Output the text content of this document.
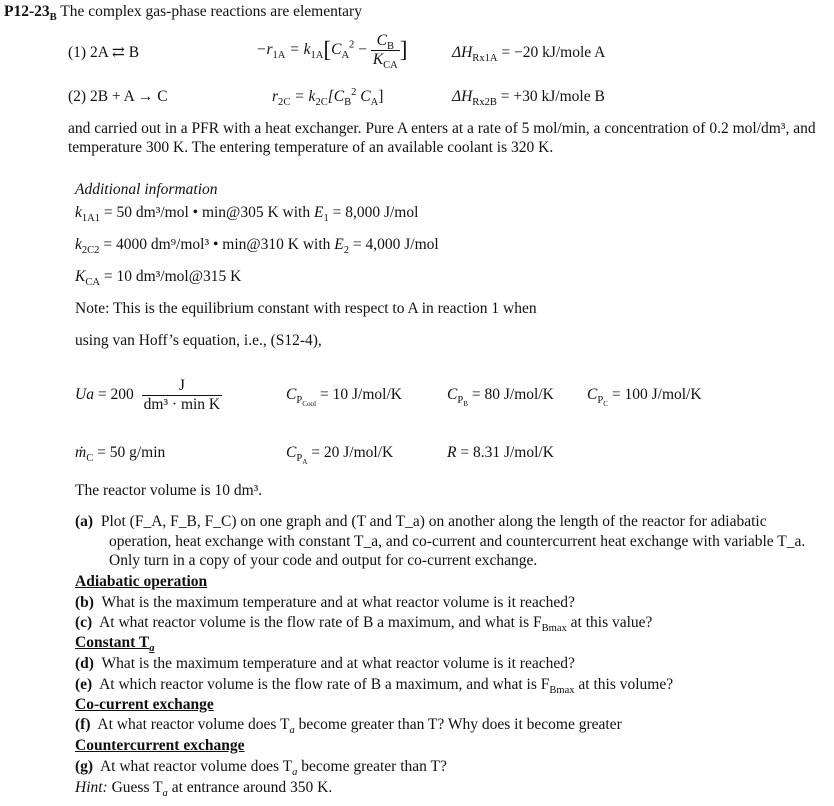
$P12-23_B$ The complex gas-phase reactions are elementary
(1) 2A ⇄ B	$-r_{1A} = k_{1A}[C_A^2 - \frac{C_B}{K_{CA}}$ ]	$\Delta H_{Rx1A} = -20$ kJ/mole A
(2) 2B + A → C	$r_{2C} = k_{2C}[C_B^2$ $C_A$]	$\Delta H_{Rx2B} = +30$ kJ/mole B
and carried out in a PFR with a heat exchanger. Pure A enters at a rate of 5 mol/min, a concentration of 0.2 mol/dm³, and temperature 300 K. The entering temperature of an available coolant is 320 K.
Additional information
$k_{1A1} = 50$ dm³/mol • min@305 K with $E_1 = 8,000$ J/mol
$k_{2C2} = 4000$ dm⁹/mol³ • min@310 K with $E_2 = 4,000$ J/mol
$K_{CA} = 10$ dm³/mol@315 K
Note: This is the equilibrium constant with respect to A in reaction 1 when
using van Hoff’s equation, i.e., (S12-4),
$Ua = 200 \frac{J}{\text{dm³ · min K}}$	$C_{P_{Cool}} = 10$ J/mol/K	$C_{P_B} = 80$ J/mol/K $C_{P_C} = 100$ J/mol/K
ṁ$_C$ = 50 g/min	$C_{P_A} = 20$ J/mol/K	R = 8.31 J/mol/K
The reactor volume is 10 dm³.
(a) Plot (F_A, F_B, F_C) on one graph and (T and T_a) on another along the length of the reactor for adiabatic operation, heat exchange with constant T_a, and co-current and countercurrent heat exchange with variable T_a. Only turn in a copy of your code and output for co-current exchange.
Adiabatic operation
(b) What is the maximum temperature and at what reactor volume is it reached?
(c) At what reactor volume is the flow rate of B a maximum, and what is $F_{Bmax}$ at this value?
Constant $T_a$
(d) What is the maximum temperature and at what reactor volume is it reached?
(e) At which reactor volume is the flow rate of B a maximum, and what is $F_{Bmax}$ at this volume?
Co-current exchange
(f) At what reactor volume does $T_a$ become greater than T? Why does it become greater
Countercurrent exchange
(g) At what reactor volume does $T_a$ become greater than T?
Hint: Guess $T_a$ at entrance around 350 K.
